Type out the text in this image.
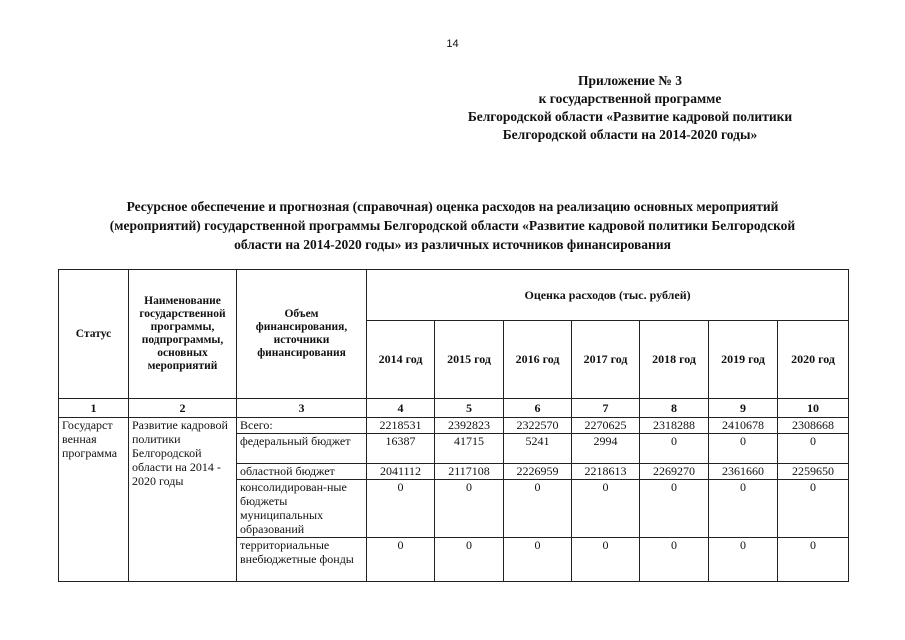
14
Приложение № 3
к государственной программе
Белгородской области «Развитие кадровой политики
Белгородской области на 2014-2020 годы»
Ресурсное обеспечение и прогнозная (справочная) оценка расходов на реализацию основных мероприятий
(мероприятий) государственной программы Белгородской области «Развитие кадровой политики Белгородской
области на 2014-2020 годы» из различных источников финансирования
Статус	Наименование государственной программы, подпрограммы, основных мероприятий	Объем финансирования, источники финансирования	Оценка расходов (тыс. рублей)						
			2014 год	2015 год	2016 год	2017 год	2018 год	2019 год	2020 год
1	2	3	4	5	6	7	8	9	10
Государст венная программа	Развитие кадровой политики Белгородской области на 2014 - 2020 годы	Всего:	2218531	2392823	2322570	2270625	2318288	2410678	2308668
		федеральный бюджет	16387	41715	5241	2994	0	0	0
		областной бюджет	2041112	2117108	2226959	2218613	2269270	2361660	2259650
		консолидирован-ные бюджеты муниципальных образований	0	0	0	0	0	0	0
		территориальные внебюджетные фонды	0	0	0	0	0	0	0
